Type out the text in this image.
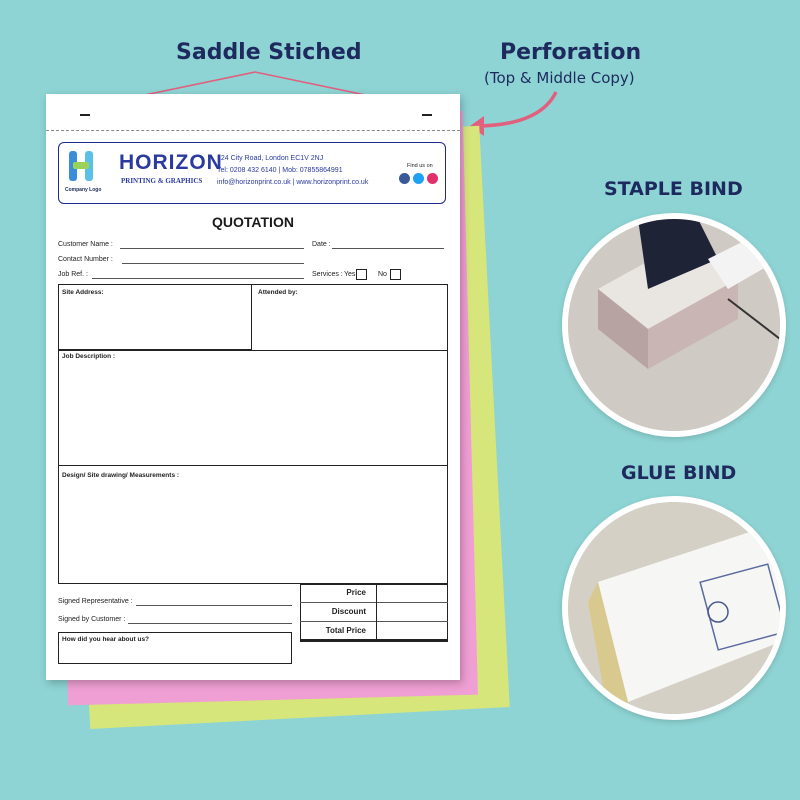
Saddle Stiched	Perforation
(Top & Middle Copy)
STAPLE BIND
GLUE BIND
Company Logo
HORIZON
PRINTING & GRAPHICS
124 City Road, London EC1V 2NJ
Tel: 0208 432 6140 | Mob: 07855864991
info@horizonprint.co.uk | www.horizonprint.co.uk
Find us on
QUOTATION
Customer Name :	Date :
Contact Number :
Job Ref. :	Services : Yes	No
Site Address:	Attended by:
Job Description :
Design/ Site drawing/ Measurements :
Signed Representative :
Signed by Customer :
How did you hear about us?
Price
Discount
Total Price
